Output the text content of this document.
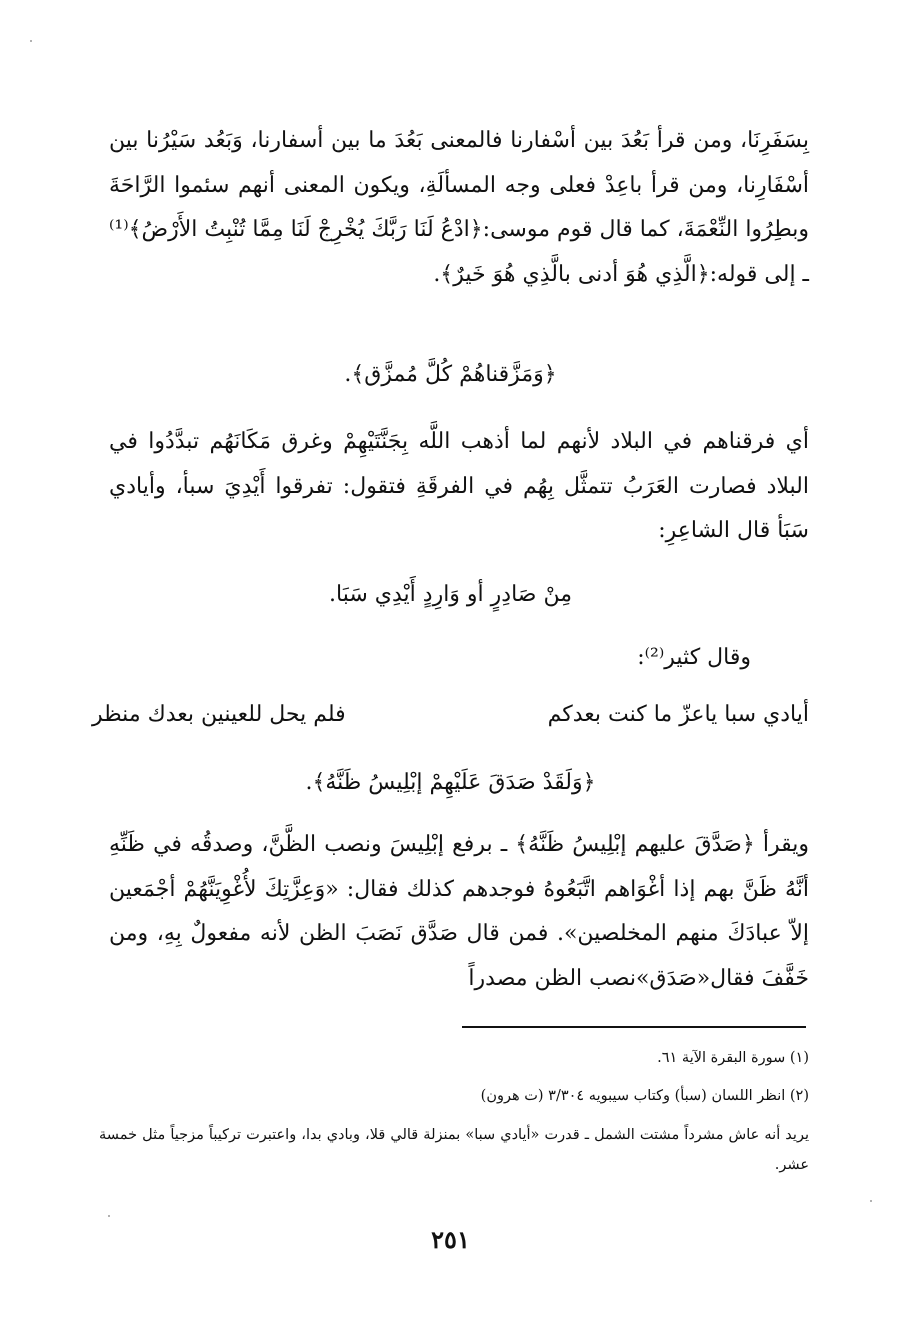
بِسَفَرِنَا، ومن قرأ بَعُدَ بين أسْفارنا فالمعنى بَعُدَ ما بين أسفارنا، وَبَعُد سَيْرُنا بين أسْفَارِنا، ومن قرأ باعِدْ فعلى وجه المسألَةِ، ويكون المعنى أنهم سئموا الرَّاحَةَ وبطِرُوا النِّعْمَةَ، كما قال قوم موسى:﴿ادْعُ لَنَا رَبَّكَ يُخْرِجْ لَنَا مِمَّا تُنْبِتُ الأَرْضُ﴾⁽¹⁾ـ إلى قوله:﴿الَّذِي هُوَ أدنى بالَّذِي هُوَ خَيرٌ﴾.

﴿وَمَزَّقناهُمْ كُلَّ مُمزَّق﴾.

أي فرقناهم في البلاد لأنهم لما أذهب اللَّه بِجَنَّتَيْهِمْ وغرق مَكَانَهُم تبدَّدُوا في البلاد فصارت العَرَبُ تتمثَّل بِهُم في الفرقَةِ فتقول: تفرقوا أَيْدِيَ سبأ، وأيادي سَبَأ قال الشاعِرِ:

مِنْ صَادِرٍ أو وَارِدٍ أَيْدِي سَبَا.

وقال كثير⁽²⁾:

أيادي سبا ياعزّ ما كنت بعدكم
فلم يحل للعينين بعدك منظر

﴿وَلَقَدْ صَدَقَ عَلَيْهِمْ إبْلِيسُ ظَنَّهُ﴾.

ويقرأ ﴿صَدَّقَ عليهم إبْلِيسُ ظَنَّهُ﴾ ـ برفع إبْلِيسَ ونصب الظَّنَّ، وصدقُه في ظَنِّهِ أنَّهُ ظَنَّ بهم إذا أغْوَاهم اتَّبَعُوهُ فوجدهم كذلك فقال: «وَعِزَّتِكَ لأُغْوِيَنَّهُمْ أجْمَعين إلاّ عبادَكَ منهم المخلصين». فمن قال صَدَّق نَصَبَ الظن لأنه مفعولٌ بِهِ، ومن خَفَّفَ فقال«صَدَق»نصب الظن مصدراً

(١) سورة البقرة الآية ٦١.

(٢) انظر اللسان (سبأ) وكتاب سيبويه ٣/٣٠٤ (ت هرون)

يريد أنه عاش مشرداً مشتت الشمل ـ قدرت «أيادي سبا» بمنزلة قالي قلا، وبادي بدا، واعتبرت تركيباً مزجياً مثل خمسة عشر.

٢٥١
